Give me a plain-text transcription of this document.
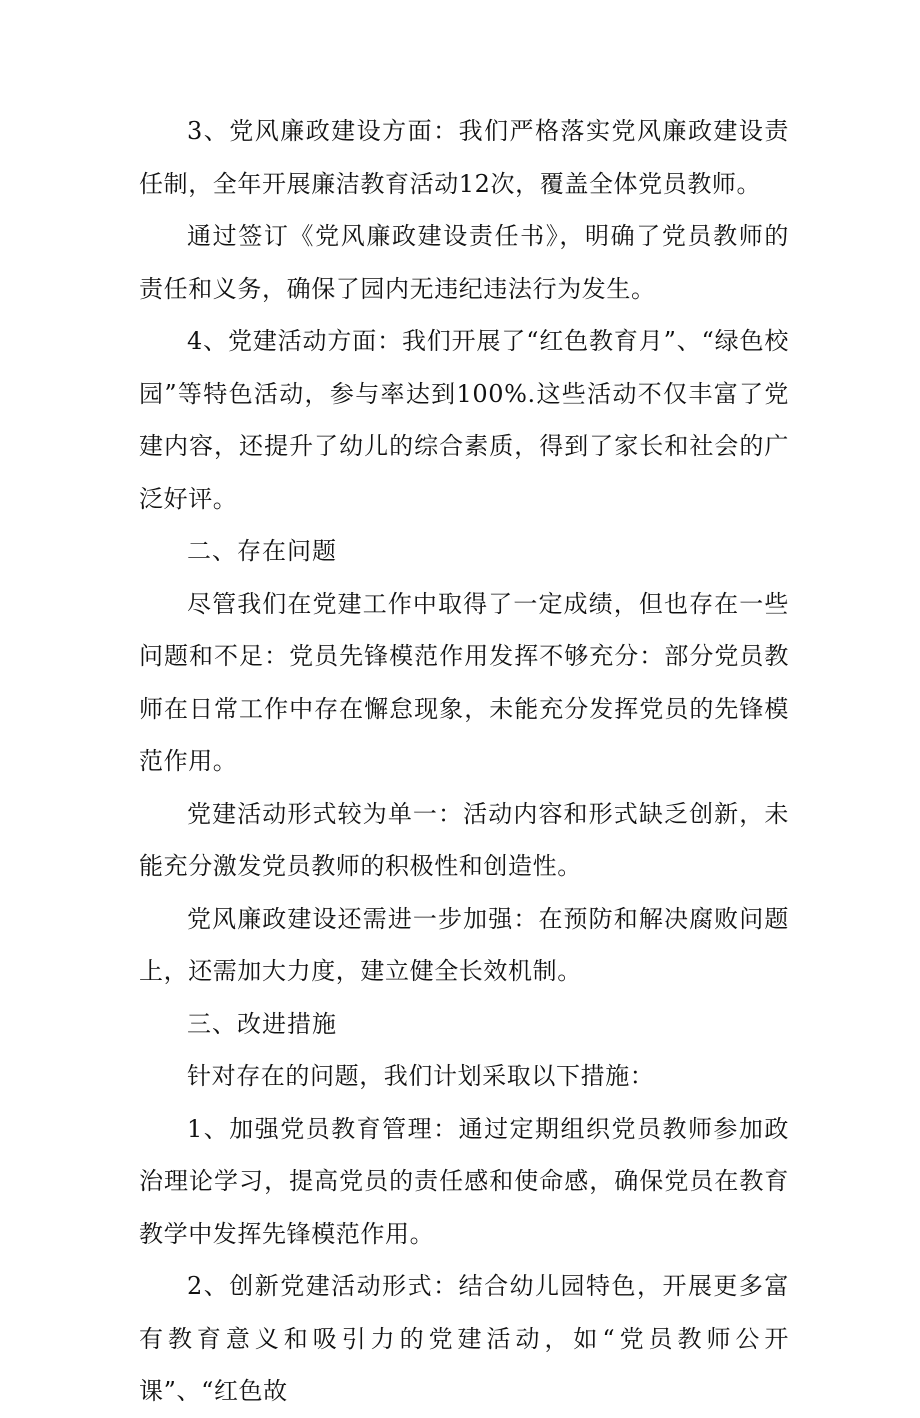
3、党风廉政建设方面：我们严格落实党风廉政建设责任制，全年开展廉洁教育活动12次，覆盖全体党员教师。

通过签订《党风廉政建设责任书》，明确了党员教师的责任和义务，确保了园内无违纪违法行为发生。

4、党建活动方面：我们开展了“红色教育月”、“绿色校园”等特色活动，参与率达到100%.这些活动不仅丰富了党建内容，还提升了幼儿的综合素质，得到了家长和社会的广泛好评。

二、存在问题

尽管我们在党建工作中取得了一定成绩，但也存在一些问题和不足：党员先锋模范作用发挥不够充分：部分党员教师在日常工作中存在懈怠现象，未能充分发挥党员的先锋模范作用。

党建活动形式较为单一：活动内容和形式缺乏创新，未能充分激发党员教师的积极性和创造性。

党风廉政建设还需进一步加强：在预防和解决腐败问题上，还需加大力度，建立健全长效机制。

三、改进措施

针对存在的问题，我们计划采取以下措施：

1、加强党员教育管理：通过定期组织党员教师参加政治理论学习，提高党员的责任感和使命感，确保党员在教育教学中发挥先锋模范作用。

2、创新党建活动形式：结合幼儿园特色，开展更多富有教育意义和吸引力的党建活动，如“党员教师公开课”、“红色故
